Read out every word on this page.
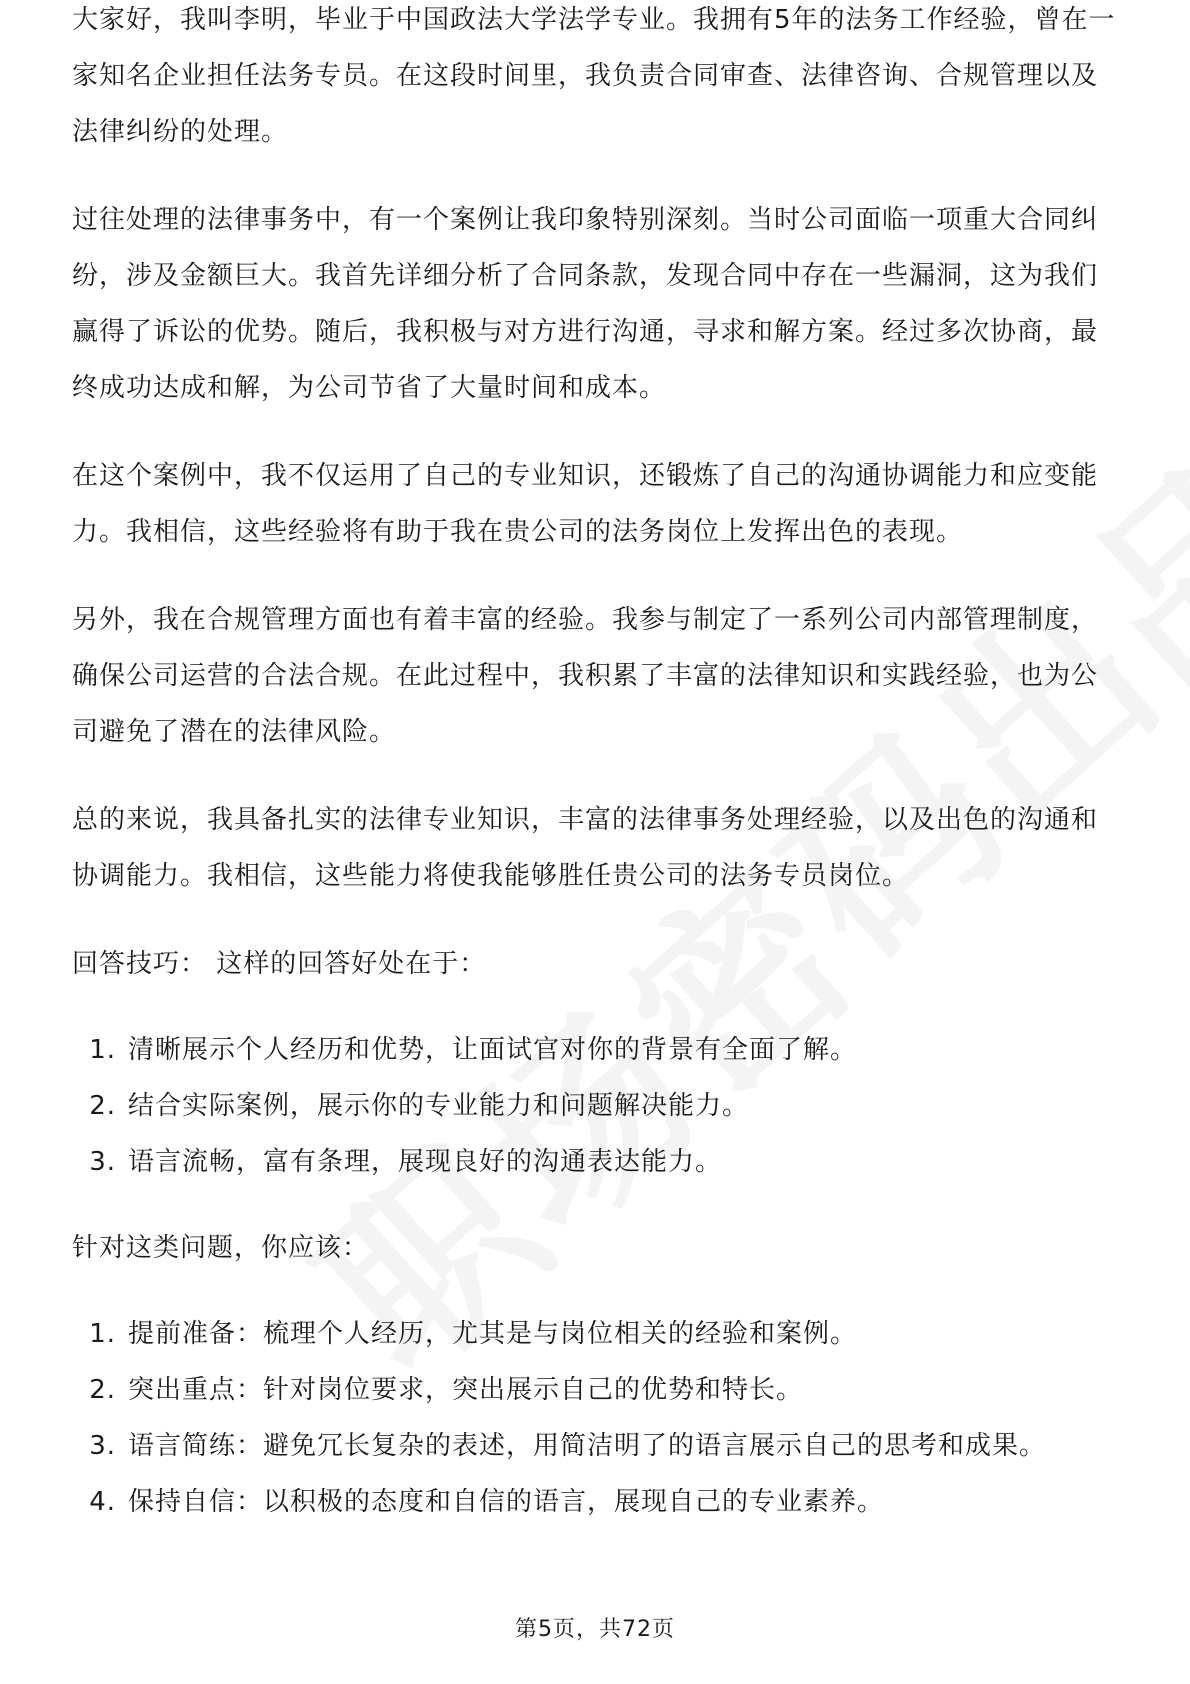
大家好，我叫李明，毕业于中国政法大学法学专业。我拥有5年的法务工作经验，曾在一家知名企业担任法务专员。在这段时间里，我负责合同审查、法律咨询、合规管理以及法律纠纷的处理。

过往处理的法律事务中，有一个案例让我印象特别深刻。当时公司面临一项重大合同纠纷，涉及金额巨大。我首先详细分析了合同条款，发现合同中存在一些漏洞，这为我们赢得了诉讼的优势。随后，我积极与对方进行沟通，寻求和解方案。经过多次协商，最终成功达成和解，为公司节省了大量时间和成本。

在这个案例中，我不仅运用了自己的专业知识，还锻炼了自己的沟通协调能力和应变能力。我相信，这些经验将有助于我在贵公司的法务岗位上发挥出色的表现。

另外，我在合规管理方面也有着丰富的经验。我参与制定了一系列公司内部管理制度，确保公司运营的合法合规。在此过程中，我积累了丰富的法律知识和实践经验，也为公司避免了潜在的法律风险。

总的来说，我具备扎实的法律专业知识，丰富的法律事务处理经验，以及出色的沟通和协调能力。我相信，这些能力将使我能够胜任贵公司的法务专员岗位。

回答技巧： 这样的回答好处在于：
1. 清晰展示个人经历和优势，让面试官对你的背景有全面了解。
2. 结合实际案例，展示你的专业能力和问题解决能力。
3. 语言流畅，富有条理，展现良好的沟通表达能力。
针对这类问题，你应该：
1. 提前准备：梳理个人经历，尤其是与岗位相关的经验和案例。
2. 突出重点：针对岗位要求，突出展示自己的优势和特长。
3. 语言简练：避免冗长复杂的表述，用简洁明了的语言展示自己的思考和成果。
4. 保持自信：以积极的态度和自信的语言，展现自己的专业素养。
第5页，共72页
